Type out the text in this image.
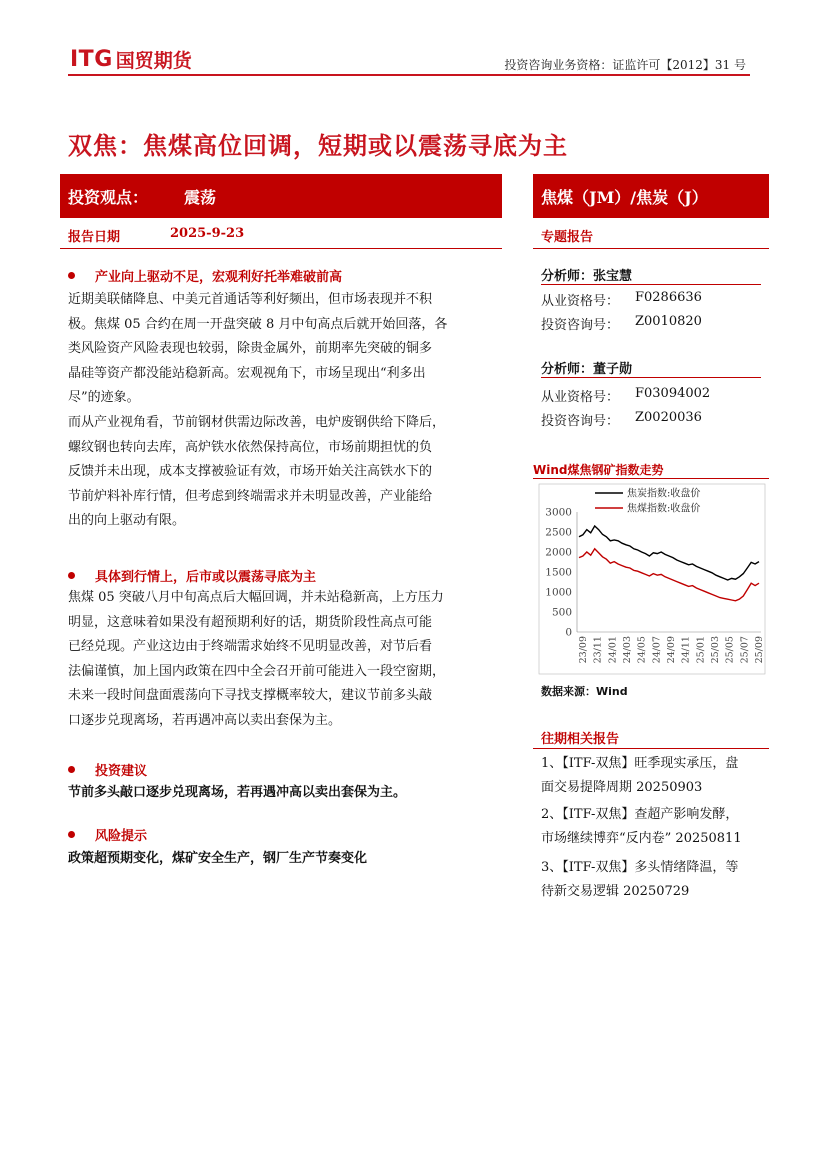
ITG 国贸期货	投资咨询业务资格：证监许可【2012】31 号
双焦：焦煤高位回调，短期或以震荡寻底为主
投资观点： 震荡	焦煤（JM）/焦炭（J）
报告日期	2025-9-23	专题报告
产业向上驱动不足，宏观利好托举难破前高
近期美联储降息、中美元首通话等利好频出，但市场表现并不积
极。焦煤 05 合约在周一开盘突破 8 月中旬高点后就开始回落，各
类风险资产风险表现也较弱，除贵金属外，前期率先突破的铜多
晶硅等资产都没能站稳新高。宏观视角下，市场呈现出“利多出
尽”的迹象。
而从产业视角看，节前钢材供需边际改善，电炉废钢供给下降后，
螺纹钢也转向去库，高炉铁水依然保持高位，市场前期担忧的负
反馈并未出现，成本支撑被验证有效，市场开始关注高铁水下的
节前炉料补库行情，但考虑到终端需求并未明显改善，产业能给
出的向上驱动有限。
具体到行情上，后市或以震荡寻底为主
焦煤 05 突破八月中旬高点后大幅回调，并未站稳新高，上方压力
明显，这意味着如果没有超预期利好的话，期货阶段性高点可能
已经兑现。产业这边由于终端需求始终不见明显改善，对节后看
法偏谨慎，加上国内政策在四中全会召开前可能进入一段空窗期，
未来一段时间盘面震荡向下寻找支撑概率较大，建议节前多头敲
口逐步兑现离场，若再遇冲高以卖出套保为主。
投资建议
节前多头敲口逐步兑现离场，若再遇冲高以卖出套保为主。
风险提示
政策超预期变化，煤矿安全生产，钢厂生产节奏变化
分析师：张宝慧
从业资格号：	F0286636
投资咨询号：	Z0010820
分析师：董子勋
从业资格号：	F03094002
投资咨询号：	Z0020036
Wind煤焦钢矿指数走势
0
500
1000
1500
2000
2500
3000
23/09 23/11 24/01 24/03 24/05 24/07 24/09 24/11 25/01 25/03 25/05 25/07 25/09
焦炭指数:收盘价
焦煤指数:收盘价
数据来源：Wind
往期相关报告
1、【ITF-双焦】旺季现实承压，盘
面交易提降周期 20250903
2、【ITF-双焦】查超产影响发酵，
市场继续博弈“反内卷” 20250811
3、【ITF-双焦】多头情绪降温，等
待新交易逻辑 20250729
